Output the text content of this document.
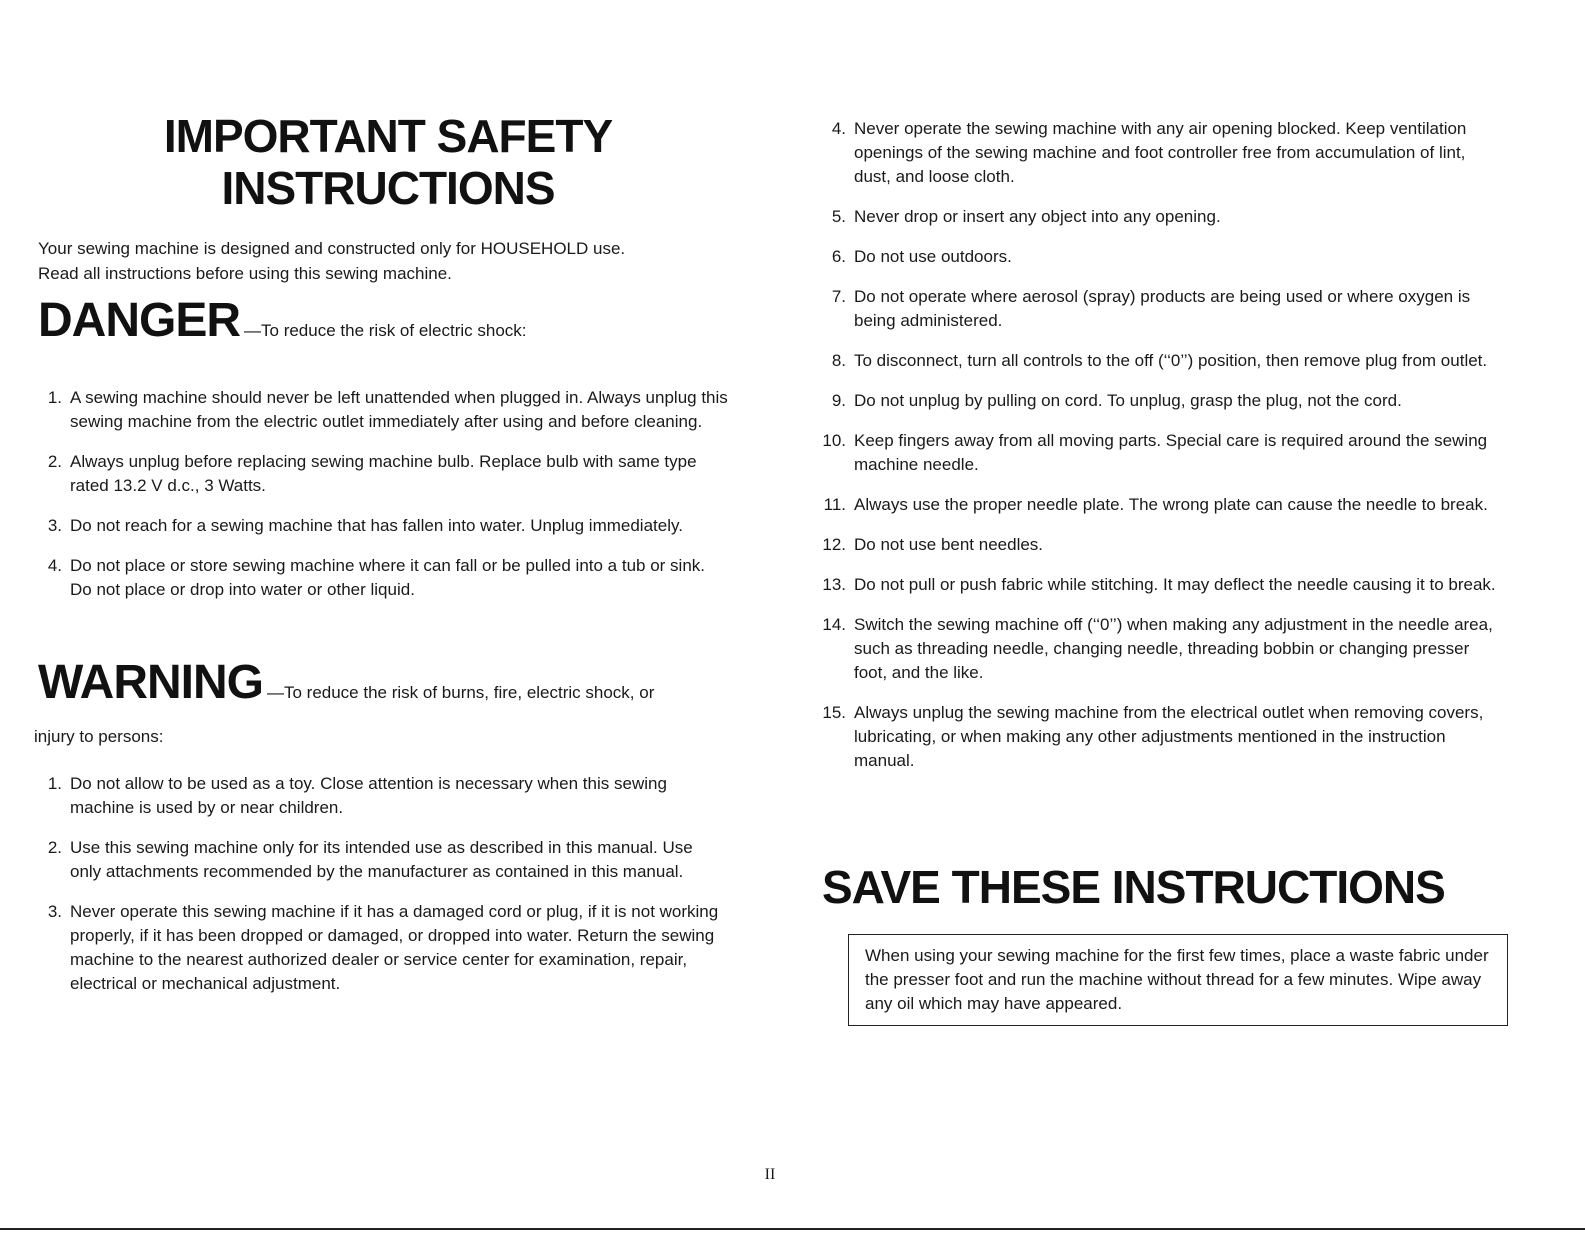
IMPORTANT SAFETY
INSTRUCTIONS
Your sewing machine is designed and constructed only for HOUSEHOLD use.
Read all instructions before using this sewing machine.
DANGER —To reduce the risk of electric shock:
1. A sewing machine should never be left unattended when plugged in. Always unplug this sewing machine from the electric outlet immediately after using and before cleaning.
2. Always unplug before replacing sewing machine bulb. Replace bulb with same type rated 13.2 V d.c., 3 Watts.
3. Do not reach for a sewing machine that has fallen into water. Unplug immediately.
4. Do not place or store sewing machine where it can fall or be pulled into a tub or sink. Do not place or drop into water or other liquid.
WARNING —To reduce the risk of burns, fire, electric shock, or
injury to persons:
1. Do not allow to be used as a toy. Close attention is necessary when this sewing machine is used by or near children.
2. Use this sewing machine only for its intended use as described in this manual. Use only attachments recommended by the manufacturer as contained in this manual.
3. Never operate this sewing machine if it has a damaged cord or plug, if it is not working properly, if it has been dropped or damaged, or dropped into water. Return the sewing machine to the nearest authorized dealer or service center for examination, repair, electrical or mechanical adjustment.
4. Never operate the sewing machine with any air opening blocked. Keep ventilation openings of the sewing machine and foot controller free from accumulation of lint, dust, and loose cloth.
5. Never drop or insert any object into any opening.
6. Do not use outdoors.
7. Do not operate where aerosol (spray) products are being used or where oxygen is being administered.
8. To disconnect, turn all controls to the off (‘‘0’’) position, then remove plug from outlet.
9. Do not unplug by pulling on cord. To unplug, grasp the plug, not the cord.
10. Keep fingers away from all moving parts. Special care is required around the sewing machine needle.
11. Always use the proper needle plate. The wrong plate can cause the needle to break.
12. Do not use bent needles.
13. Do not pull or push fabric while stitching. It may deflect the needle causing it to break.
14. Switch the sewing machine off (‘‘0’’) when making any adjustment in the needle area, such as threading needle, changing needle, threading bobbin or changing presser foot, and the like.
15. Always unplug the sewing machine from the electrical outlet when removing covers, lubricating, or when making any other adjustments mentioned in the instruction manual.
SAVE THESE INSTRUCTIONS
When using your sewing machine for the first few times, place a waste fabric under the presser foot and run the machine without thread for a few minutes. Wipe away any oil which may have appeared.
II
